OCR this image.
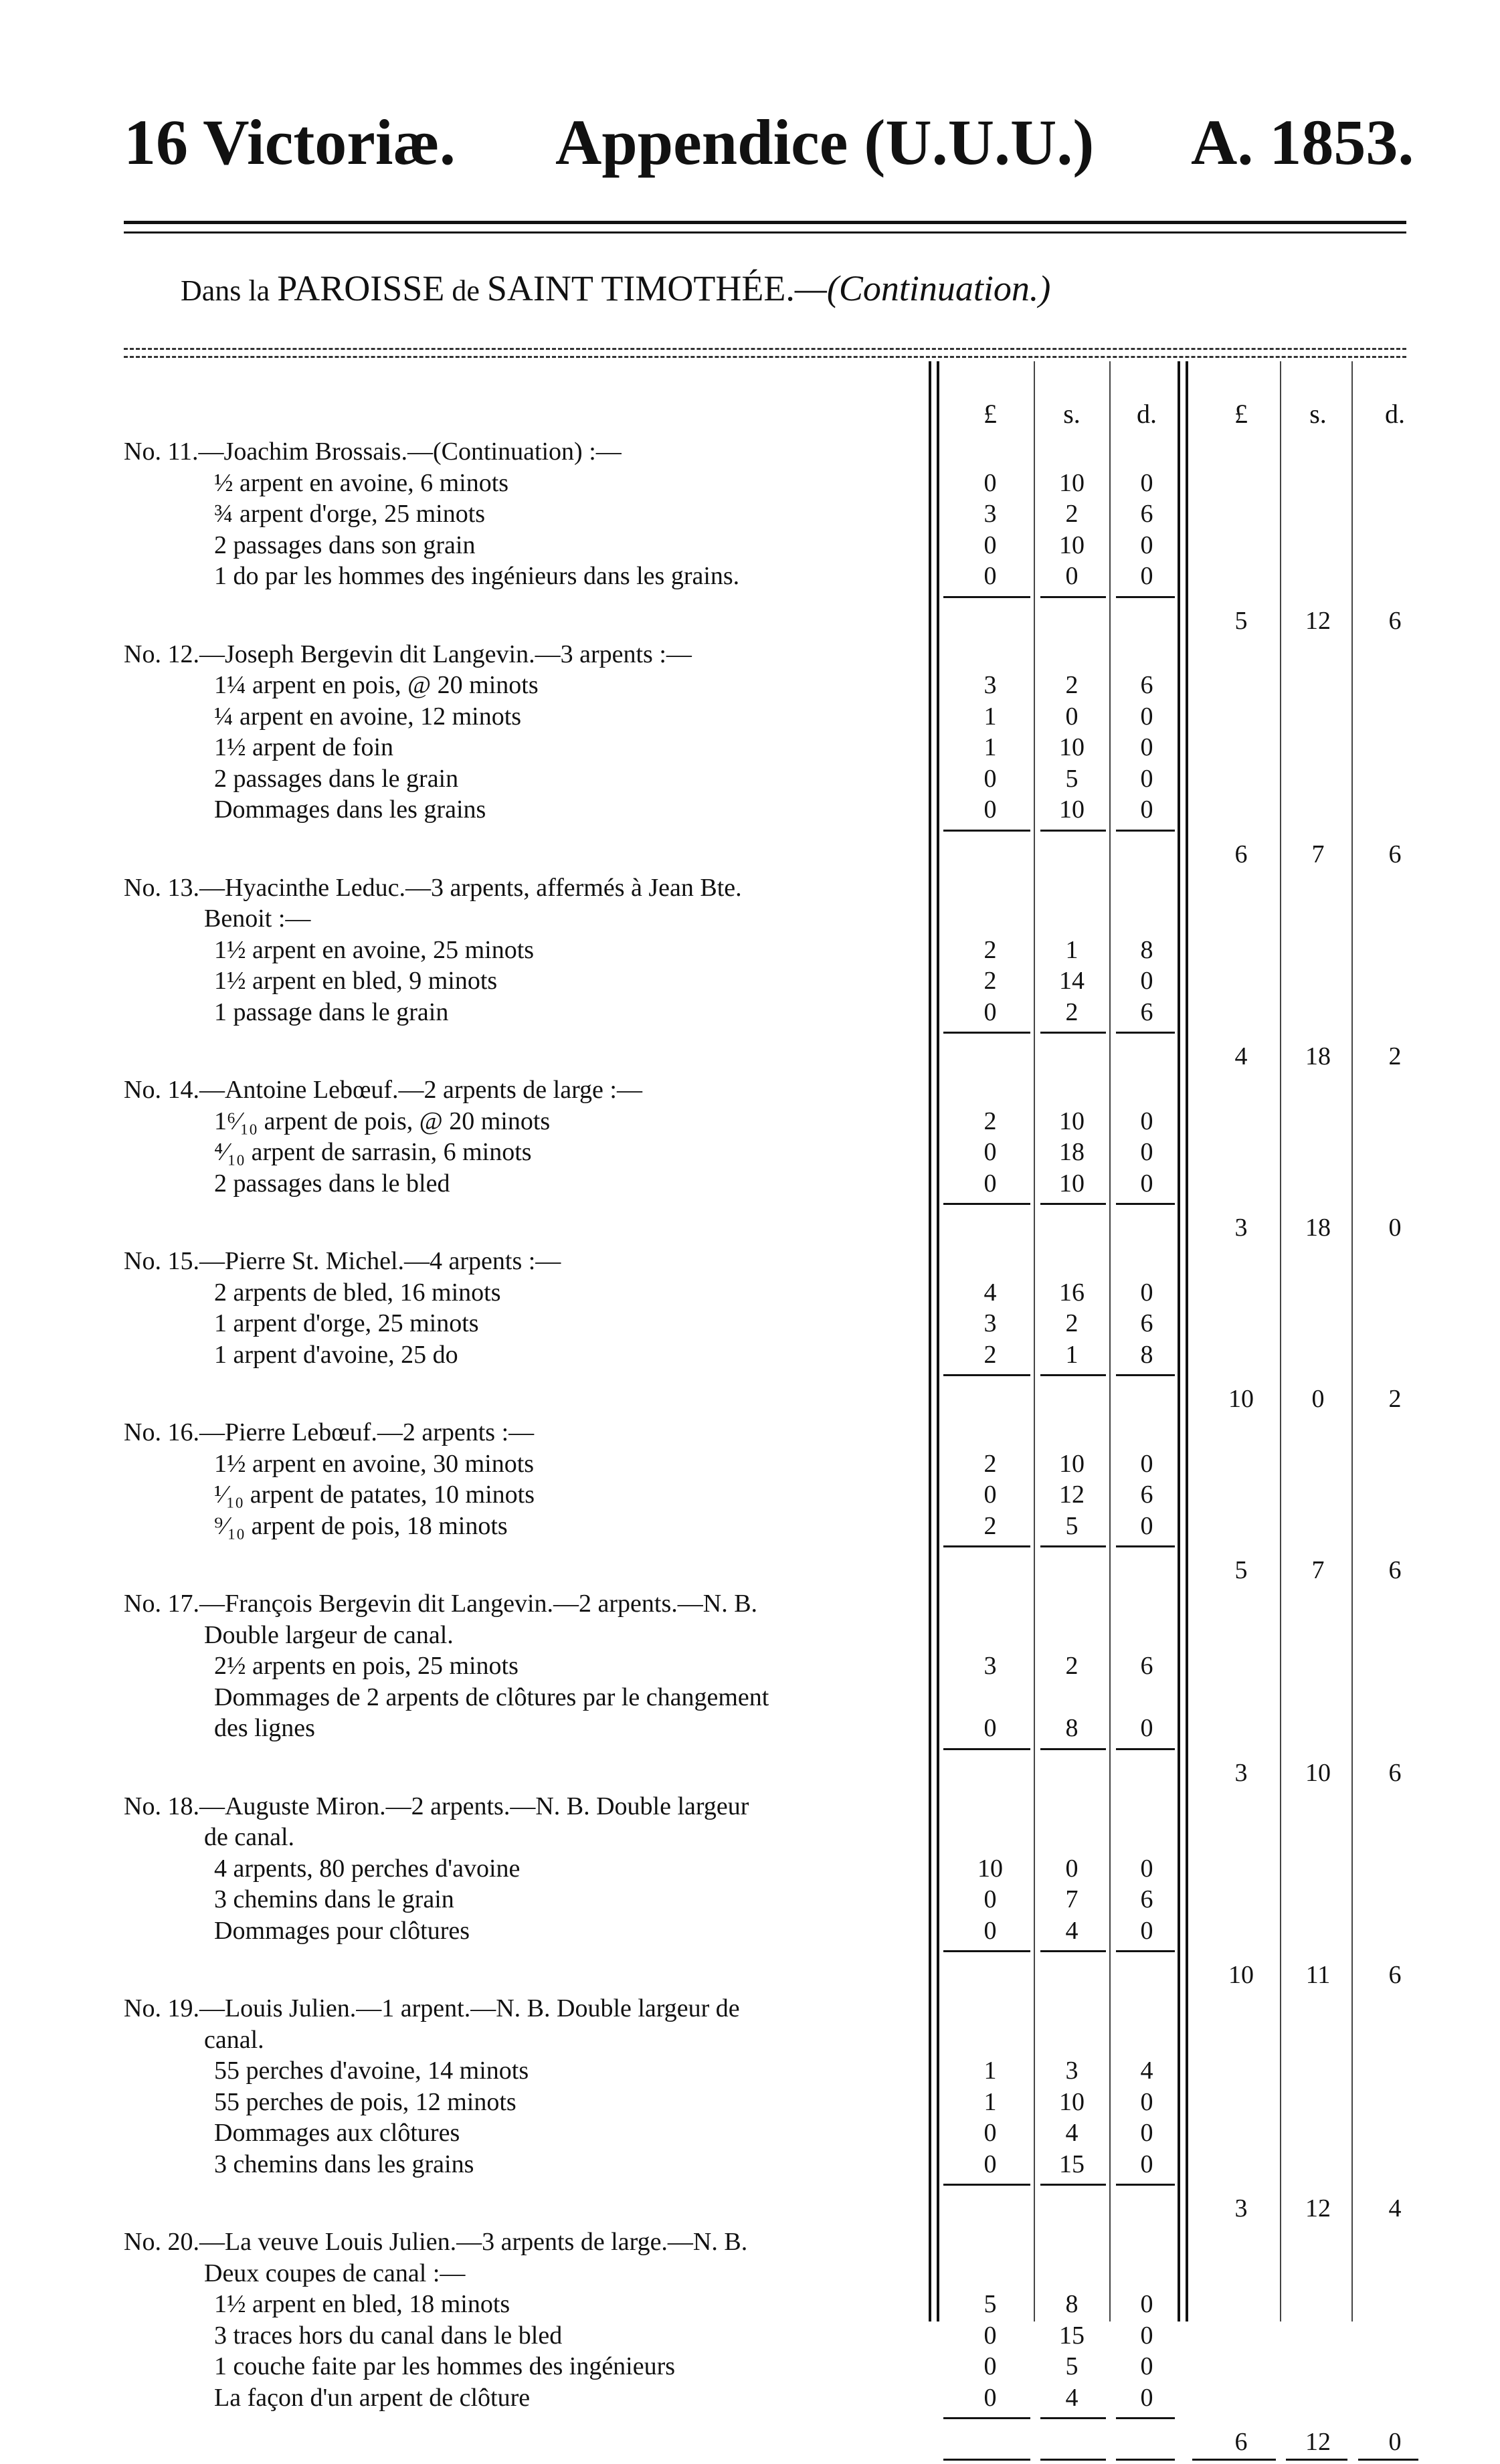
16 Victoriæ. Appendice (U.U.U.) A. 1853.
Dans la PAROISSE de SAINT TIMOTHÉE.—(Continuation.)
£	s.	d.	£	s.	d.
No. 11.—Joachim Brossais.—(Continuation) :—
½ arpent en avoine, 6 minots	0	10	0
¾ arpent d'orge, 25 minots	3	2	6
2 passages dans son grain	0	10	0
1 do par les hommes des ingénieurs dans les grains.	0	0	0
5	12	6
No. 12.—Joseph Bergevin dit Langevin.—3 arpents :—
1¼ arpent en pois, @ 20 minots	3	2	6
¼ arpent en avoine, 12 minots	1	0	0
1½ arpent de foin	1	10	0
2 passages dans le grain	0	5	0
Dommages dans les grains	0	10	0
6	7	6
No. 13.—Hyacinthe Leduc.—3 arpents, affermés à Jean Bte.
Benoit :—
1½ arpent en avoine, 25 minots	2	1	8
1½ arpent en bled, 9 minots	2	14	0
1 passage dans le grain	0	2	6
4	18	2
No. 14.—Antoine Lebœuf.—2 arpents de large :—
1⁶⁄₁₀ arpent de pois, @ 20 minots	2	10	0
⁴⁄₁₀ arpent de sarrasin, 6 minots	0	18	0
2 passages dans le bled	0	10	0
3	18	0
No. 15.—Pierre St. Michel.—4 arpents :—
2 arpents de bled, 16 minots	4	16	0
1 arpent d'orge, 25 minots	3	2	6
1 arpent d'avoine, 25 do	2	1	8
10	0	2
No. 16.—Pierre Lebœuf.—2 arpents :—
1½ arpent en avoine, 30 minots	2	10	0
¹⁄₁₀ arpent de patates, 10 minots	0	12	6
⁹⁄₁₀ arpent de pois, 18 minots	2	5	0
5	7	6
No. 17.—François Bergevin dit Langevin.—2 arpents.—N. B.
Double largeur de canal.
2½ arpents en pois, 25 minots	3	2	6
Dommages de 2 arpents de clôtures par le changement
des lignes	0	8	0
3	10	6
No. 18.—Auguste Miron.—2 arpents.—N. B. Double largeur
de canal.
4 arpents, 80 perches d'avoine	10	0	0
3 chemins dans le grain	0	7	6
Dommages pour clôtures	0	4	0
10	11	6
No. 19.—Louis Julien.—1 arpent.—N. B. Double largeur de
canal.
55 perches d'avoine, 14 minots	1	3	4
55 perches de pois, 12 minots	1	10	0
Dommages aux clôtures	0	4	0
3 chemins dans les grains	0	15	0
3	12	4
No. 20.—La veuve Louis Julien.—3 arpents de large.—N. B.
Deux coupes de canal :—
1½ arpent en bled, 18 minots	5	8	0
3 traces hors du canal dans le bled	0	15	0
1 couche faite par les hommes des ingénieurs	0	5	0
La façon d'un arpent de clôture	0	4	0
6	12	0
